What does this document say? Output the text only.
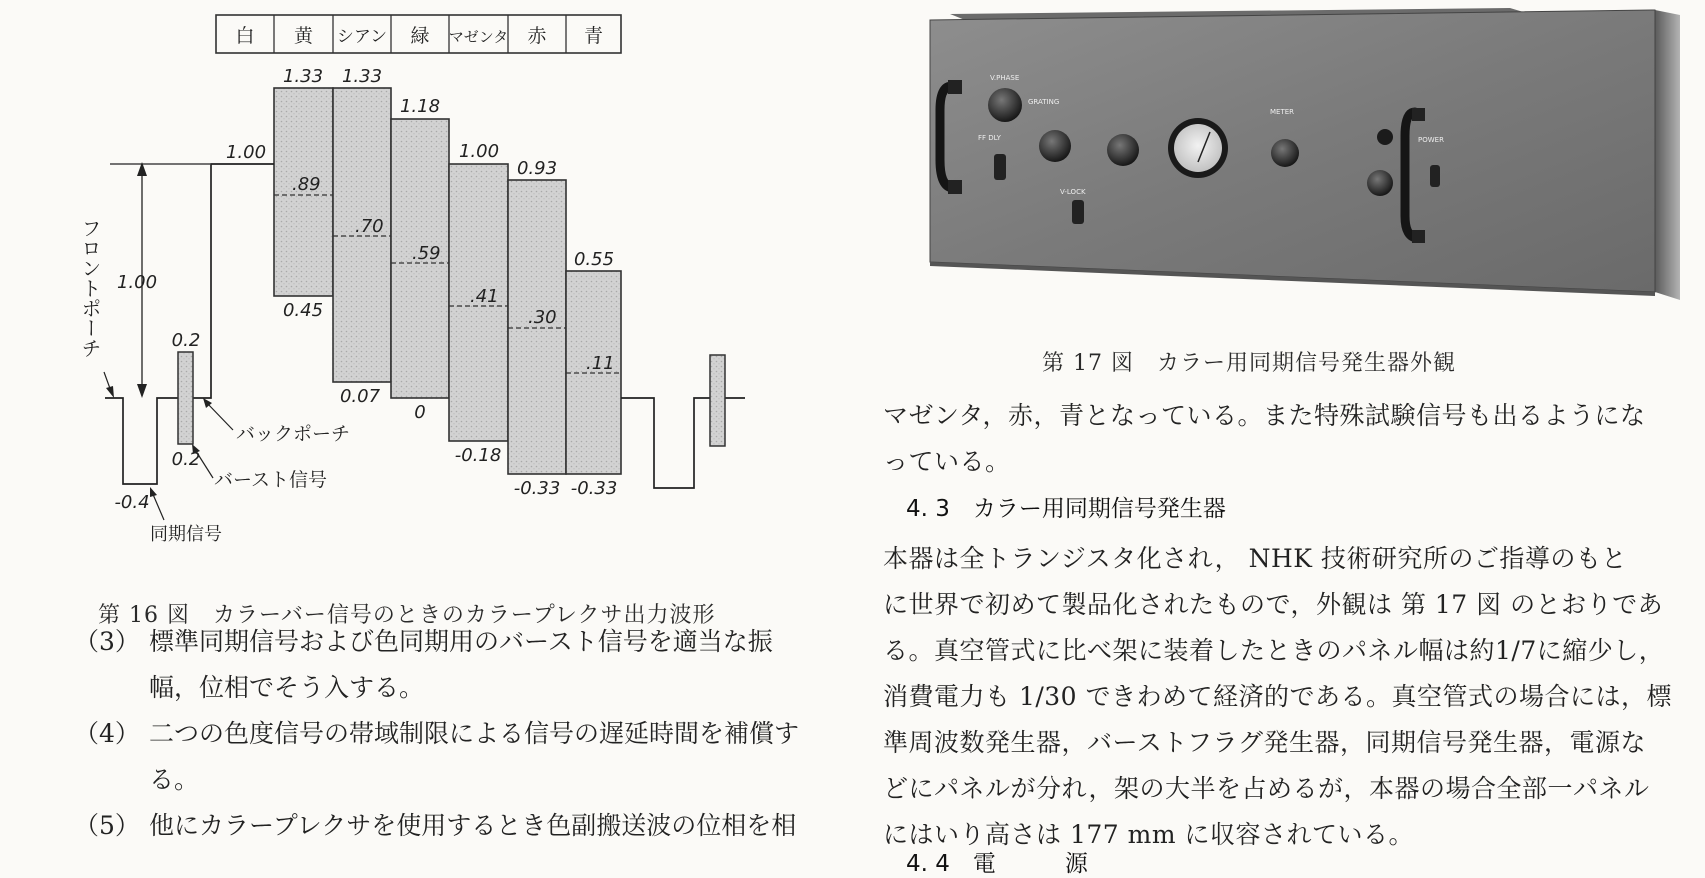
白 黄 シアン 緑 マゼンタ 赤 青
1.33 1.33
1.18
1.00
0.93
0.55
.89
.70
.59
.41
.30
.11
0.45
0.07
0
-0.18
-0.33 -0.33
1.00
1.00
0.2
0.2
-0.4
フロントポーチ
バックポーチ
バースト信号
同期信号
第 16 図　カラーバー信号のときのカラープレクサ出力波形
（3） 標準同期信号および色同期用のバースト信号を適当な振
幅，位相でそう入する。
（4） 二つの色度信号の帯域制限による信号の遅延時間を補償す
る。
（5） 他にカラープレクサを使用するとき色副搬送波の位相を相
V.PHASE
GRATING
FF DLY
V-LOCK
METER
POWER
第 17 図　カラー用同期信号発生器外観
マゼンタ，赤，青となっている。また特殊試験信号も出るようにな
っている。
4. 3　カラー用同期信号発生器
本器は全トランジスタ化され， NHK 技術研究所のご指導のもと
に世界で初めて製品化されたもので，外観は 第 17 図 のとおりであ
る。真空管式に比べ架に装着したときのパネル幅は約1/7に縮少し，
消費電力も 1/30 できわめて経済的である。真空管式の場合には，標
準周波数発生器，バーストフラグ発生器，同期信号発生器，電源な
どにパネルが分れ，架の大半を占めるが，本器の場合全部一パネル
にはいり高さは 177 mm に収容されている。
4. 4　電　　　源
